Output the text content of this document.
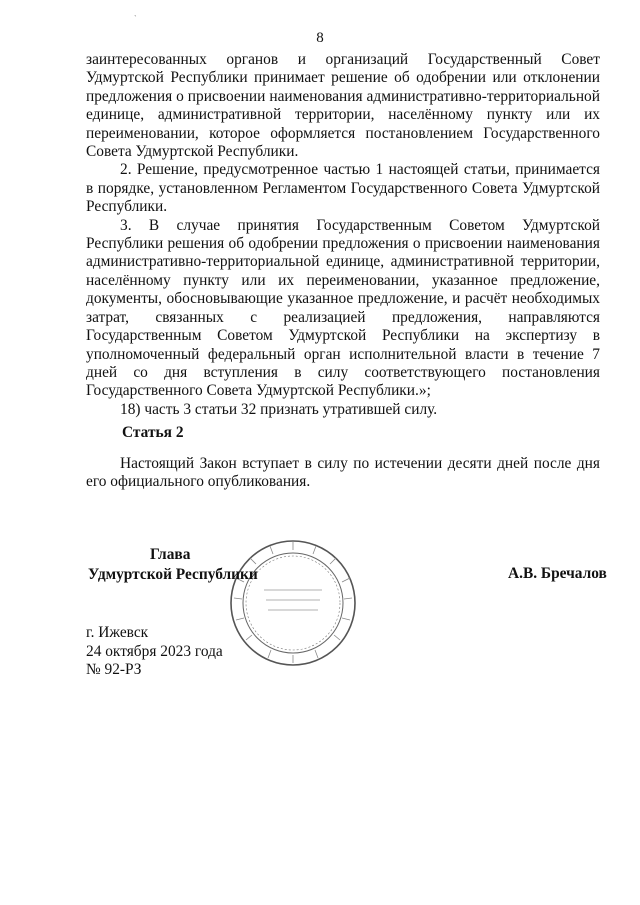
ˋ
8

заинтересованных органов и организаций Государственный Совет Удмуртской Республики принимает решение об одобрении или отклонении предложения о присвоении наименования административно-территориальной единице, административной территории, населённому пункту или их переименовании, которое оформляется постановлением Государственного Совета Удмуртской Республики.

2. Решение, предусмотренное частью 1 настоящей статьи, принимается в порядке, установленном Регламентом Государственного Совета Удмуртской Республики.

3. В случае принятия Государственным Советом Удмуртской Республики решения об одобрении предложения о присвоении наименования административно-территориальной единице, административной территории, населённому пункту или их переименовании, указанное предложение, документы, обосновывающие указанное предложение, и расчёт необходимых затрат, связанных с реализацией предложения, направляются Государственным Советом Удмуртской Республики на экспертизу в уполномоченный федеральный орган исполнительной власти в течение 7 дней со дня вступления в силу соответствующего постановления Государственного Совета Удмуртской Республики.»;

18) часть 3 статьи 32 признать утратившей силу.

Статья 2
Настоящий Закон вступает в силу по истечении десяти дней после дня его официального опубликования.
Глава
Удмуртской Республики	А.В. Бречалов
г. Ижевск
24 октября 2023 года
№ 92-РЗ
